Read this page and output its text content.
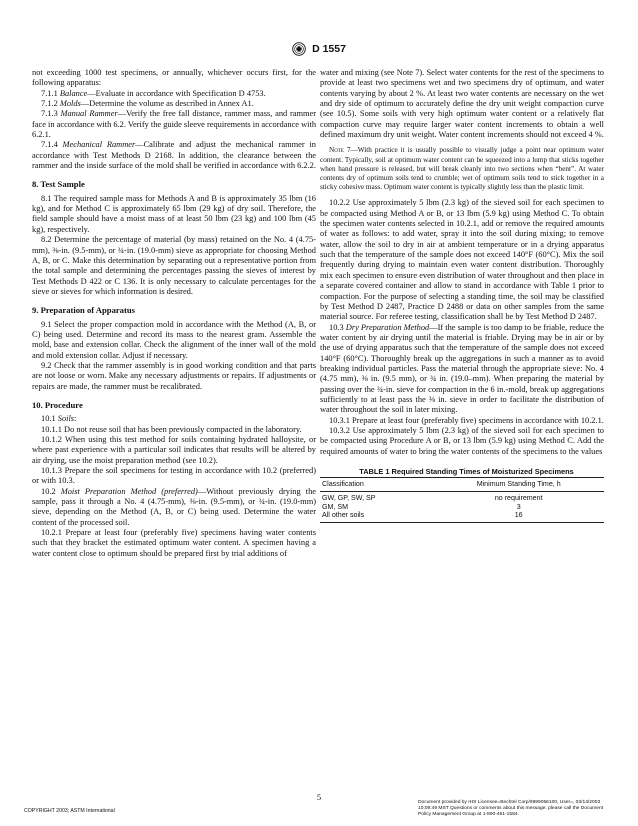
D 1557

not exceeding 1000 test specimens, or annually, whichever occurs first, for the following apparatus:

7.1.1 Balance—Evaluate in accordance with Specification D 4753.

7.1.2 Molds—Determine the volume as described in Annex A1.

7.1.3 Manual Rammer—Verify the free fall distance, rammer mass, and rammer face in accordance with 6.2. Verify the guide sleeve requirements in accordance with 6.2.1.

7.1.4 Mechanical Rammer—Calibrate and adjust the mechanical rammer in accordance with Test Methods D 2168. In addition, the clearance between the rammer and the inside surface of the mold shall be verified in accordance with 6.2.2.

8. Test Sample

8.1 The required sample mass for Methods A and B is approximately 35 lbm (16 kg), and for Method C is approximately 65 lbm (29 kg) of dry soil. Therefore, the field sample should have a moist mass of at least 50 lbm (23 kg) and 100 lbm (45 kg), respectively.

8.2 Determine the percentage of material (by mass) retained on the No. 4 (4.75-mm), ⅜-in. (9.5-mm), or ¾-in. (19.0-mm) sieve as appropriate for choosing Method A, B, or C. Make this determination by separating out a representative portion from the total sample and determining the percentages passing the sieves of interest by Test Methods D 422 or C 136. It is only necessary to calculate percentages for the sieve or sieves for which information is desired.

9. Preparation of Apparatus

9.1 Select the proper compaction mold in accordance with the Method (A, B, or C) being used. Determine and record its mass to the nearest gram. Assemble the mold, base and extension collar. Check the alignment of the inner wall of the mold and mold extension collar. Adjust if necessary.

9.2 Check that the rammer assembly is in good working condition and that parts are not loose or worn. Make any necessary adjustments or repairs. If adjustments or repairs are made, the rammer must be recalibrated.

10. Procedure

10.1 Soils:

10.1.1 Do not reuse soil that has been previously compacted in the laboratory.

10.1.2 When using this test method for soils containing hydrated halloysite, or where past experience with a particular soil indicates that results will be altered by air drying, use the moist preparation method (see 10.2).

10.1.3 Prepare the soil specimens for testing in accordance with 10.2 (preferred) or with 10.3.

10.2 Moist Preparation Method (preferred)—Without previously drying the sample, pass it through a No. 4 (4.75-mm), ⅜-in. (9.5-mm), or ¾-in. (19.0-mm) sieve, depending on the Method (A, B, or C) being used. Determine the water content of the processed soil.

10.2.1 Prepare at least four (preferably five) specimens having water contents such that they bracket the estimated optimum water content. A specimen having a water content close to optimum should be prepared first by trial additions of

water and mixing (see Note 7). Select water contents for the rest of the specimens to provide at least two specimens wet and two specimens dry of optimum, and water contents varying by about 2 %. At least two water contents are necessary on the wet and dry side of optimum to accurately define the dry unit weight compaction curve (see 10.5). Some soils with very high optimum water content or a relatively flat compaction curve may require larger water content increments to obtain a well defined maximum dry unit weight. Water content increments should not exceed 4 %.

Note 7—With practice it is usually possible to visually judge a point near optimum water content. Typically, soil at optimum water content can be squeezed into a lump that sticks together when hand pressure is released, but will break cleanly into two sections when “bent”. At water contents dry of optimum soils tend to crumble; wet of optimum soils tend to stick together in a sticky cohesive mass. Optimum water content is typically slightly less than the plastic limit.

10.2.2 Use approximately 5 lbm (2.3 kg) of the sieved soil for each specimen to be compacted using Method A or B, or 13 lbm (5.9 kg) using Method C. To obtain the specimen water contents selected in 10.2.1, add or remove the required amounts of water as follows: to add water, spray it into the soil during mixing; to remove water, allow the soil to dry in air at ambient temperature or in a drying apparatus such that the temperature of the sample does not exceed 140°F (60°C). Mix the soil frequently during drying to maintain even water content distribution. Thoroughly mix each specimen to ensure even distribution of water throughout and then place in a separate covered container and allow to stand in accordance with Table 1 prior to compaction. For the purpose of selecting a standing time, the soil may be classified by Test Method D 2487, Practice D 2488 or data on other samples from the same material source. For referee testing, classification shall be by Test Method D 2487.

10.3 Dry Preparation Method—If the sample is too damp to be friable, reduce the water content by air drying until the material is friable. Drying may be in air or by the use of drying apparatus such that the temperature of the sample does not exceed 140°F (60°C). Thoroughly break up the aggregations in such a manner as to avoid breaking individual particles. Pass the material through the appropriate sieve: No. 4 (4.75 mm), ⅜ in. (9.5 mm), or ¾ in. (19.0–mm). When preparing the material by passing over the ¾-in. sieve for compaction in the 6 in.-mold, break up aggregations sufficiently to at least pass the ⅜ in. sieve in order to facilitate the distribution of water throughout the soil in later mixing.

10.3.1 Prepare at least four (preferably five) specimens in accordance with 10.2.1.

10.3.2 Use approximately 5 lbm (2.3 kg) of the sieved soil for each specimen to be compacted using Procedure A or B, or 13 lbm (5.9 kg) using Method C. Add the required amounts of water to bring the water contents of the specimens to the values

TABLE 1 Required Standing Times of Moisturized Specimens

Classification	Minimum Standing Time, h
GW, GP, SW, SP	no requirement
GM, SM	3
All other soils	16
5
COPYRIGHT 2003; ASTM International
Document provided by IHS Licensee=Bechtel Corp/9999056100, User=, 03/14/2003
10:09:49 MST Questions or comments about this message: please call the Document
Policy Management Group at 1-800-451-1584.
